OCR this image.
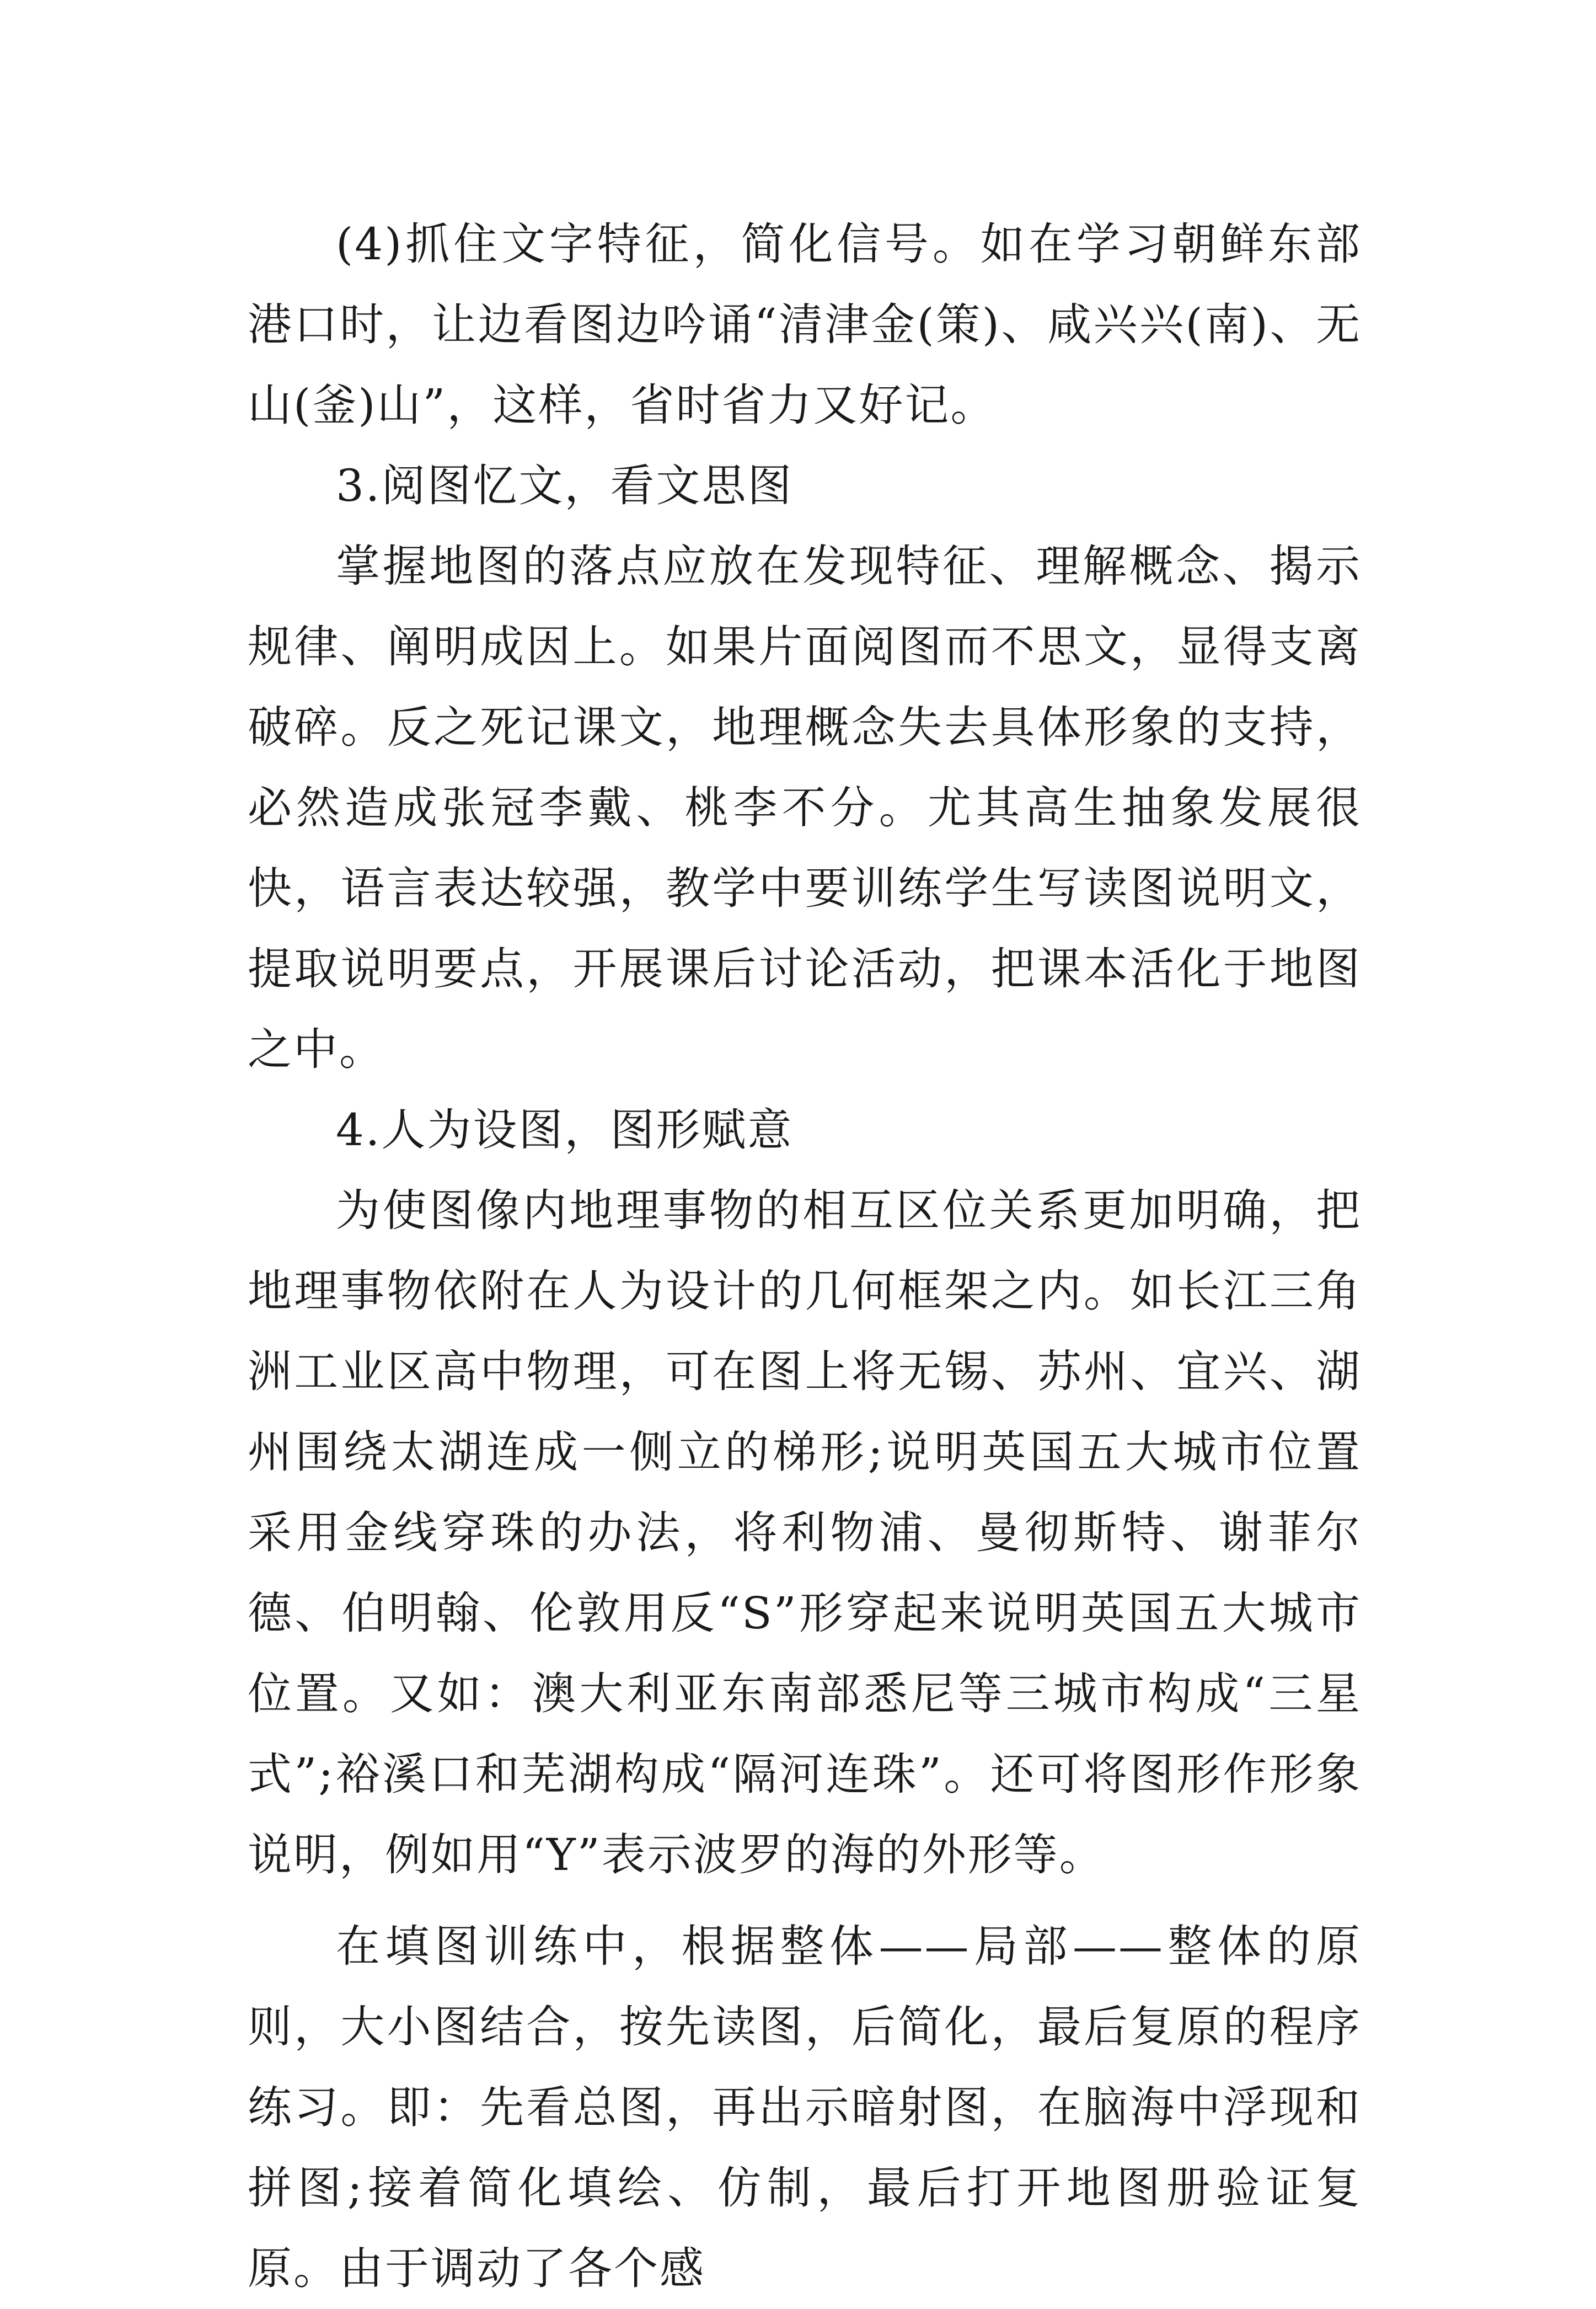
(4)抓住文字特征，简化信号。如在学习朝鲜东部港口时，让边看图边吟诵“清津金(策)、咸兴兴(南)、无山(釜)山”，这样，省时省力又好记。

3.阅图忆文，看文思图

掌握地图的落点应放在发现特征、理解概念、揭示规律、阐明成因上。如果片面阅图而不思文，显得支离破碎。反之死记课文，地理概念失去具体形象的支持，必然造成张冠李戴、桃李不分。尤其高生抽象发展很快，语言表达较强，教学中要训练学生写读图说明文，提取说明要点，开展课后讨论活动，把课本活化于地图之中。

4.人为设图，图形赋意

为使图像内地理事物的相互区位关系更加明确，把地理事物依附在人为设计的几何框架之内。如长江三角洲工业区高中物理，可在图上将无锡、苏州、宜兴、湖州围绕太湖连成一侧立的梯形;说明英国五大城市位置采用金线穿珠的办法，将利物浦、曼彻斯特、谢菲尔德、伯明翰、伦敦用反“S”形穿起来说明英国五大城市位置。又如：澳大利亚东南部悉尼等三城市构成“三星式”;裕溪口和芜湖构成“隔河连珠”。还可将图形作形象说明，例如用“Y”表示波罗的海的外形等。

在填图训练中，根据整体——局部——整体的原则，大小图结合，按先读图，后简化，最后复原的程序练习。即：先看总图，再出示暗射图，在脑海中浮现和拼图;接着简化填绘、仿制，最后打开地图册验证复原。由于调动了各个感
